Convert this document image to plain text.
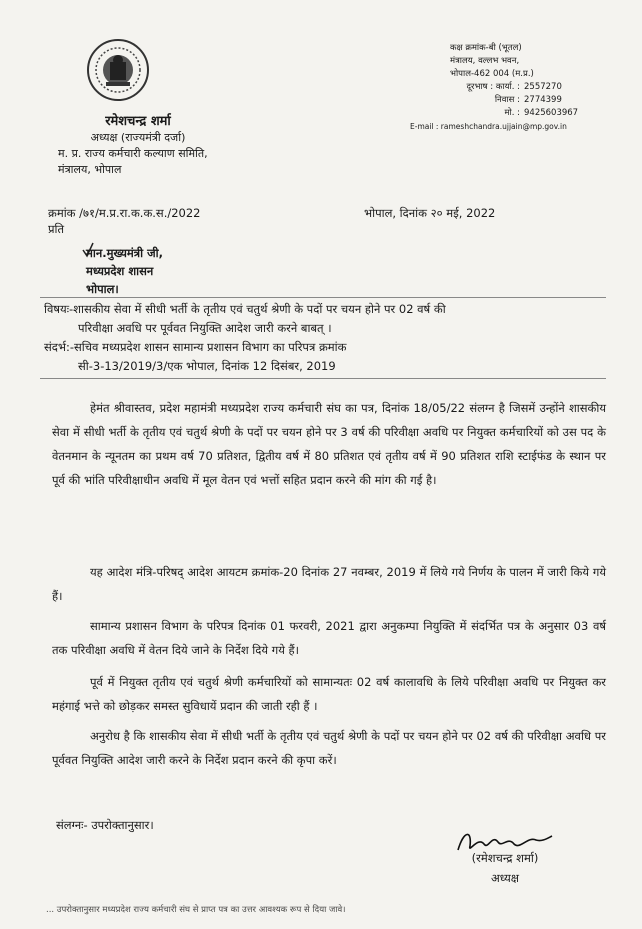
रमेशचन्द्र शर्मा
अध्यक्ष (राज्यमंत्री दर्जा)
म. प्र. राज्य कर्मचारी कल्याण समिति,
मंत्रालय, भोपाल
कक्ष क्रमांक-बी (भूतल)
मंत्रालय, वल्लभ भवन,
भोपाल-462 004 (म.प्र.)
दूरभाष : कार्या. : 2557270
निवास : 2774399
मो. : 9425603967
E-mail : rameshchandra.ujjain@mp.gov.in
क्रमांक /७१/म.प्र.रा.क.क.स./2022	भोपाल, दिनांक २० मई, 2022
प्रति
मान.मुख्यमंत्री जी,
मध्यप्रदेश शासन
भोपाल।
विषयः-शासकीय सेवा में सीधी भर्ती के तृतीय एवं चतुर्थ श्रेणी के पदों पर चयन होने पर 02 वर्ष की
परिवीक्षा अवधि पर पूर्ववत नियुक्ति आदेश जारी करने बाबत् ।
संदर्भ:-सचिव मध्यप्रदेश शासन सामान्य प्रशासन विभाग का परिपत्र क्रमांक
सी-3-13/2019/3/एक भोपाल, दिनांक 12 दिसंबर, 2019

हेमंत श्रीवास्तव, प्रदेश महामंत्री मध्यप्रदेश राज्य कर्मचारी संघ का पत्र, दिनांक 18/05/22 संलग्न है जिसमें उन्होंने शासकीय सेवा में सीधी भर्ती के तृतीय एवं चतुर्थ श्रेणी के पदों पर चयन होने पर 3 वर्ष की परिवीक्षा अवधि पर नियुक्त कर्मचारियों को उस पद के वेतनमान के न्यूनतम का प्रथम वर्ष 70 प्रतिशत, द्वितीय वर्ष में 80 प्रतिशत एवं तृतीय वर्ष में 90 प्रतिशत राशि स्टाईफंड के स्थान पर पूर्व की भांति परिवीक्षाधीन अवधि में मूल वेतन एवं भत्तों सहित प्रदान करने की मांग की गई है।

यह आदेश मंत्रि-परिषद् आदेश आयटम क्रमांक-20 दिनांक 27 नवम्बर, 2019 में लिये गये निर्णय के पालन में जारी किये गये हैं।

सामान्य प्रशासन विभाग के परिपत्र दिनांक 01 फरवरी, 2021 द्वारा अनुकम्पा नियुक्ति में संदर्भित पत्र के अनुसार 03 वर्ष तक परिवीक्षा अवधि में वेतन दिये जाने के निर्देश दिये गये हैं।

पूर्व में नियुक्त तृतीय एवं चतुर्थ श्रेणी कर्मचारियों को सामान्यतः 02 वर्ष कालावधि के लिये परिवीक्षा अवधि पर नियुक्त कर महंगाई भत्ते को छोड़कर समस्त सुविधायें प्रदान की जाती रही हैं ।

अनुरोध है कि शासकीय सेवा में सीधी भर्ती के तृतीय एवं चतुर्थ श्रेणी के पदों पर चयन होने पर 02 वर्ष की परिवीक्षा अवधि पर पूर्ववत नियुक्ति आदेश जारी करने के निर्देश प्रदान करने की कृपा करें।

संलग्नः- उपरोक्तानुसार।
(रमेशचन्द्र शर्मा)
अध्यक्ष
... उपरोक्तानुसार मध्यप्रदेश राज्य कर्मचारी संघ से प्राप्त पत्र का उत्तर आवश्यक रूप से दिया जावे।
